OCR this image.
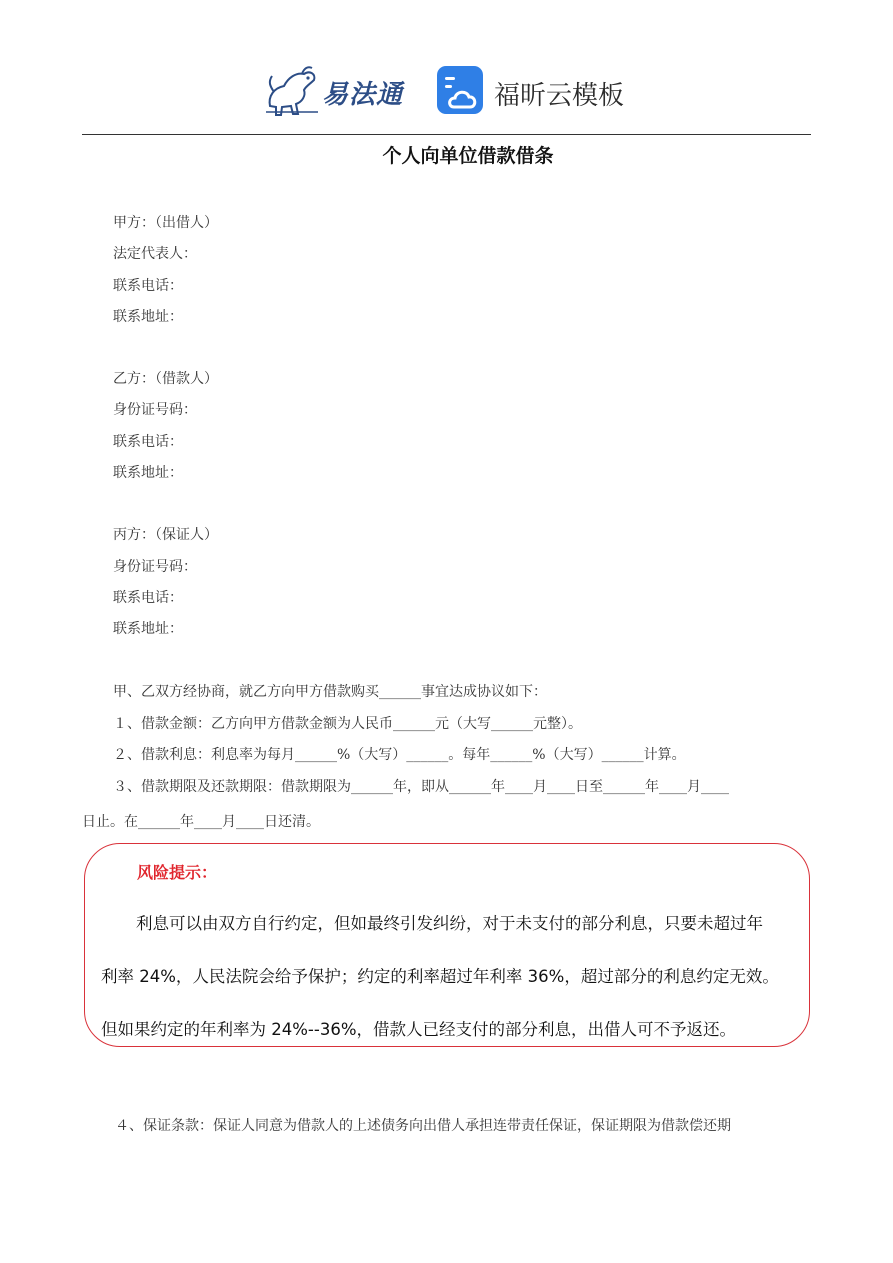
易法通	福昕云模板
个人向单位借款借条
甲方：（出借人）
法定代表人：
联系电话：
联系地址：
乙方：（借款人）
身份证号码：
联系电话：
联系地址：
丙方：（保证人）
身份证号码：
联系电话：
联系地址：
甲、乙双方经协商，就乙方向甲方借款购买______事宜达成协议如下：
１、借款金额：乙方向甲方借款金额为人民币______元（大写______元整）。
２、借款利息：利息率为每月______%（大写）______。每年______%（大写）______计算。
３、借款期限及还款期限：借款期限为______年，即从______年____月____日至______年____月____
日止。在______年____月____日还清。
风险提示：
利息可以由双方自行约定，但如最终引发纠纷，对于未支付的部分利息，只要未超过年
利率 24%，人民法院会给予保护；约定的利率超过年利率 36%，超过部分的利息约定无效。
但如果约定的年利率为 24%--36%，借款人已经支付的部分利息，出借人可不予返还。
４、保证条款：保证人同意为借款人的上述债务向出借人承担连带责任保证，保证期限为借款偿还期
